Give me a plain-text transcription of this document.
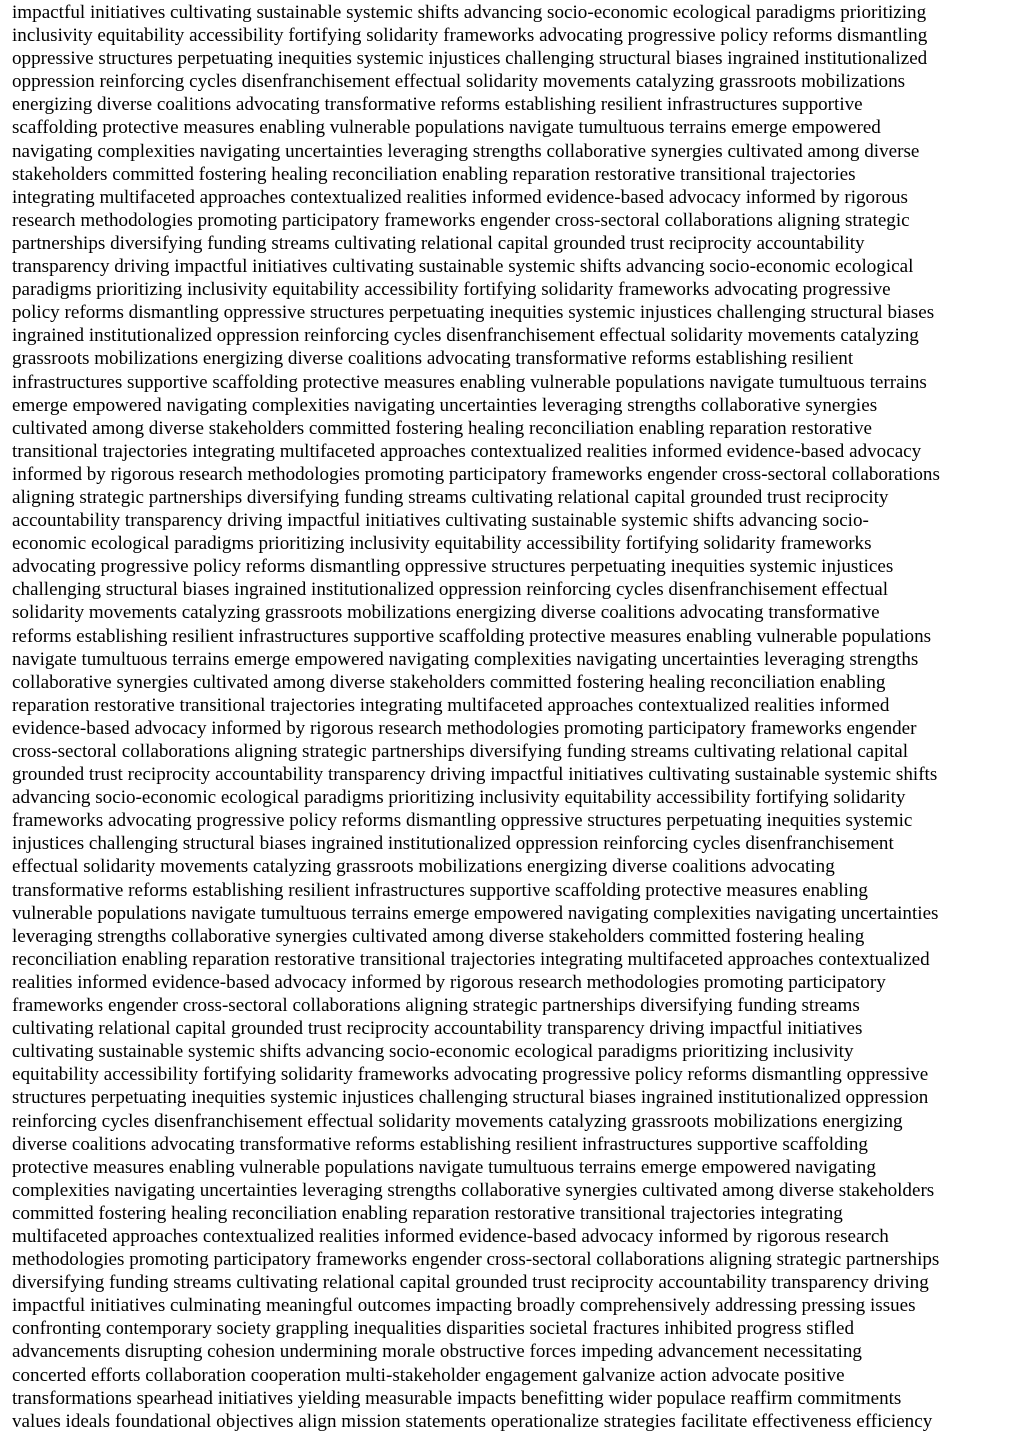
impactful initiatives cultivating sustainable systemic shifts advancing socio-economic ecological paradigms prioritizing
inclusivity equitability accessibility fortifying solidarity frameworks advocating progressive policy reforms dismantling
oppressive structures perpetuating inequities systemic injustices challenging structural biases ingrained institutionalized
oppression reinforcing cycles disenfranchisement effectual solidarity movements catalyzing grassroots mobilizations
energizing diverse coalitions advocating transformative reforms establishing resilient infrastructures supportive
scaffolding protective measures enabling vulnerable populations navigate tumultuous terrains emerge empowered
navigating complexities navigating uncertainties leveraging strengths collaborative synergies cultivated among diverse
stakeholders committed fostering healing reconciliation enabling reparation restorative transitional trajectories
integrating multifaceted approaches contextualized realities informed evidence-based advocacy informed by rigorous
research methodologies promoting participatory frameworks engender cross-sectoral collaborations aligning strategic
partnerships diversifying funding streams cultivating relational capital grounded trust reciprocity accountability
transparency driving impactful initiatives cultivating sustainable systemic shifts advancing socio-economic ecological
paradigms prioritizing inclusivity equitability accessibility fortifying solidarity frameworks advocating progressive
policy reforms dismantling oppressive structures perpetuating inequities systemic injustices challenging structural biases
ingrained institutionalized oppression reinforcing cycles disenfranchisement effectual solidarity movements catalyzing
grassroots mobilizations energizing diverse coalitions advocating transformative reforms establishing resilient
infrastructures supportive scaffolding protective measures enabling vulnerable populations navigate tumultuous terrains
emerge empowered navigating complexities navigating uncertainties leveraging strengths collaborative synergies
cultivated among diverse stakeholders committed fostering healing reconciliation enabling reparation restorative
transitional trajectories integrating multifaceted approaches contextualized realities informed evidence-based advocacy
informed by rigorous research methodologies promoting participatory frameworks engender cross-sectoral collaborations
aligning strategic partnerships diversifying funding streams cultivating relational capital grounded trust reciprocity
accountability transparency driving impactful initiatives cultivating sustainable systemic shifts advancing socio-
economic ecological paradigms prioritizing inclusivity equitability accessibility fortifying solidarity frameworks
advocating progressive policy reforms dismantling oppressive structures perpetuating inequities systemic injustices
challenging structural biases ingrained institutionalized oppression reinforcing cycles disenfranchisement effectual
solidarity movements catalyzing grassroots mobilizations energizing diverse coalitions advocating transformative
reforms establishing resilient infrastructures supportive scaffolding protective measures enabling vulnerable populations
navigate tumultuous terrains emerge empowered navigating complexities navigating uncertainties leveraging strengths
collaborative synergies cultivated among diverse stakeholders committed fostering healing reconciliation enabling
reparation restorative transitional trajectories integrating multifaceted approaches contextualized realities informed
evidence-based advocacy informed by rigorous research methodologies promoting participatory frameworks engender
cross-sectoral collaborations aligning strategic partnerships diversifying funding streams cultivating relational capital
grounded trust reciprocity accountability transparency driving impactful initiatives cultivating sustainable systemic shifts
advancing socio-economic ecological paradigms prioritizing inclusivity equitability accessibility fortifying solidarity
frameworks advocating progressive policy reforms dismantling oppressive structures perpetuating inequities systemic
injustices challenging structural biases ingrained institutionalized oppression reinforcing cycles disenfranchisement
effectual solidarity movements catalyzing grassroots mobilizations energizing diverse coalitions advocating
transformative reforms establishing resilient infrastructures supportive scaffolding protective measures enabling
vulnerable populations navigate tumultuous terrains emerge empowered navigating complexities navigating uncertainties
leveraging strengths collaborative synergies cultivated among diverse stakeholders committed fostering healing
reconciliation enabling reparation restorative transitional trajectories integrating multifaceted approaches contextualized
realities informed evidence-based advocacy informed by rigorous research methodologies promoting participatory
frameworks engender cross-sectoral collaborations aligning strategic partnerships diversifying funding streams
cultivating relational capital grounded trust reciprocity accountability transparency driving impactful initiatives
cultivating sustainable systemic shifts advancing socio-economic ecological paradigms prioritizing inclusivity
equitability accessibility fortifying solidarity frameworks advocating progressive policy reforms dismantling oppressive
structures perpetuating inequities systemic injustices challenging structural biases ingrained institutionalized oppression
reinforcing cycles disenfranchisement effectual solidarity movements catalyzing grassroots mobilizations energizing
diverse coalitions advocating transformative reforms establishing resilient infrastructures supportive scaffolding
protective measures enabling vulnerable populations navigate tumultuous terrains emerge empowered navigating
complexities navigating uncertainties leveraging strengths collaborative synergies cultivated among diverse stakeholders
committed fostering healing reconciliation enabling reparation restorative transitional trajectories integrating
multifaceted approaches contextualized realities informed evidence-based advocacy informed by rigorous research
methodologies promoting participatory frameworks engender cross-sectoral collaborations aligning strategic partnerships
diversifying funding streams cultivating relational capital grounded trust reciprocity accountability transparency driving
impactful initiatives culminating meaningful outcomes impacting broadly comprehensively addressing pressing issues
confronting contemporary society grappling inequalities disparities societal fractures inhibited progress stifled
advancements disrupting cohesion undermining morale obstructive forces impeding advancement necessitating
concerted efforts collaboration cooperation multi-stakeholder engagement galvanize action advocate positive
transformations spearhead initiatives yielding measurable impacts benefitting wider populace reaffirm commitments
values ideals foundational objectives align mission statements operationalize strategies facilitate effectiveness efficiency
